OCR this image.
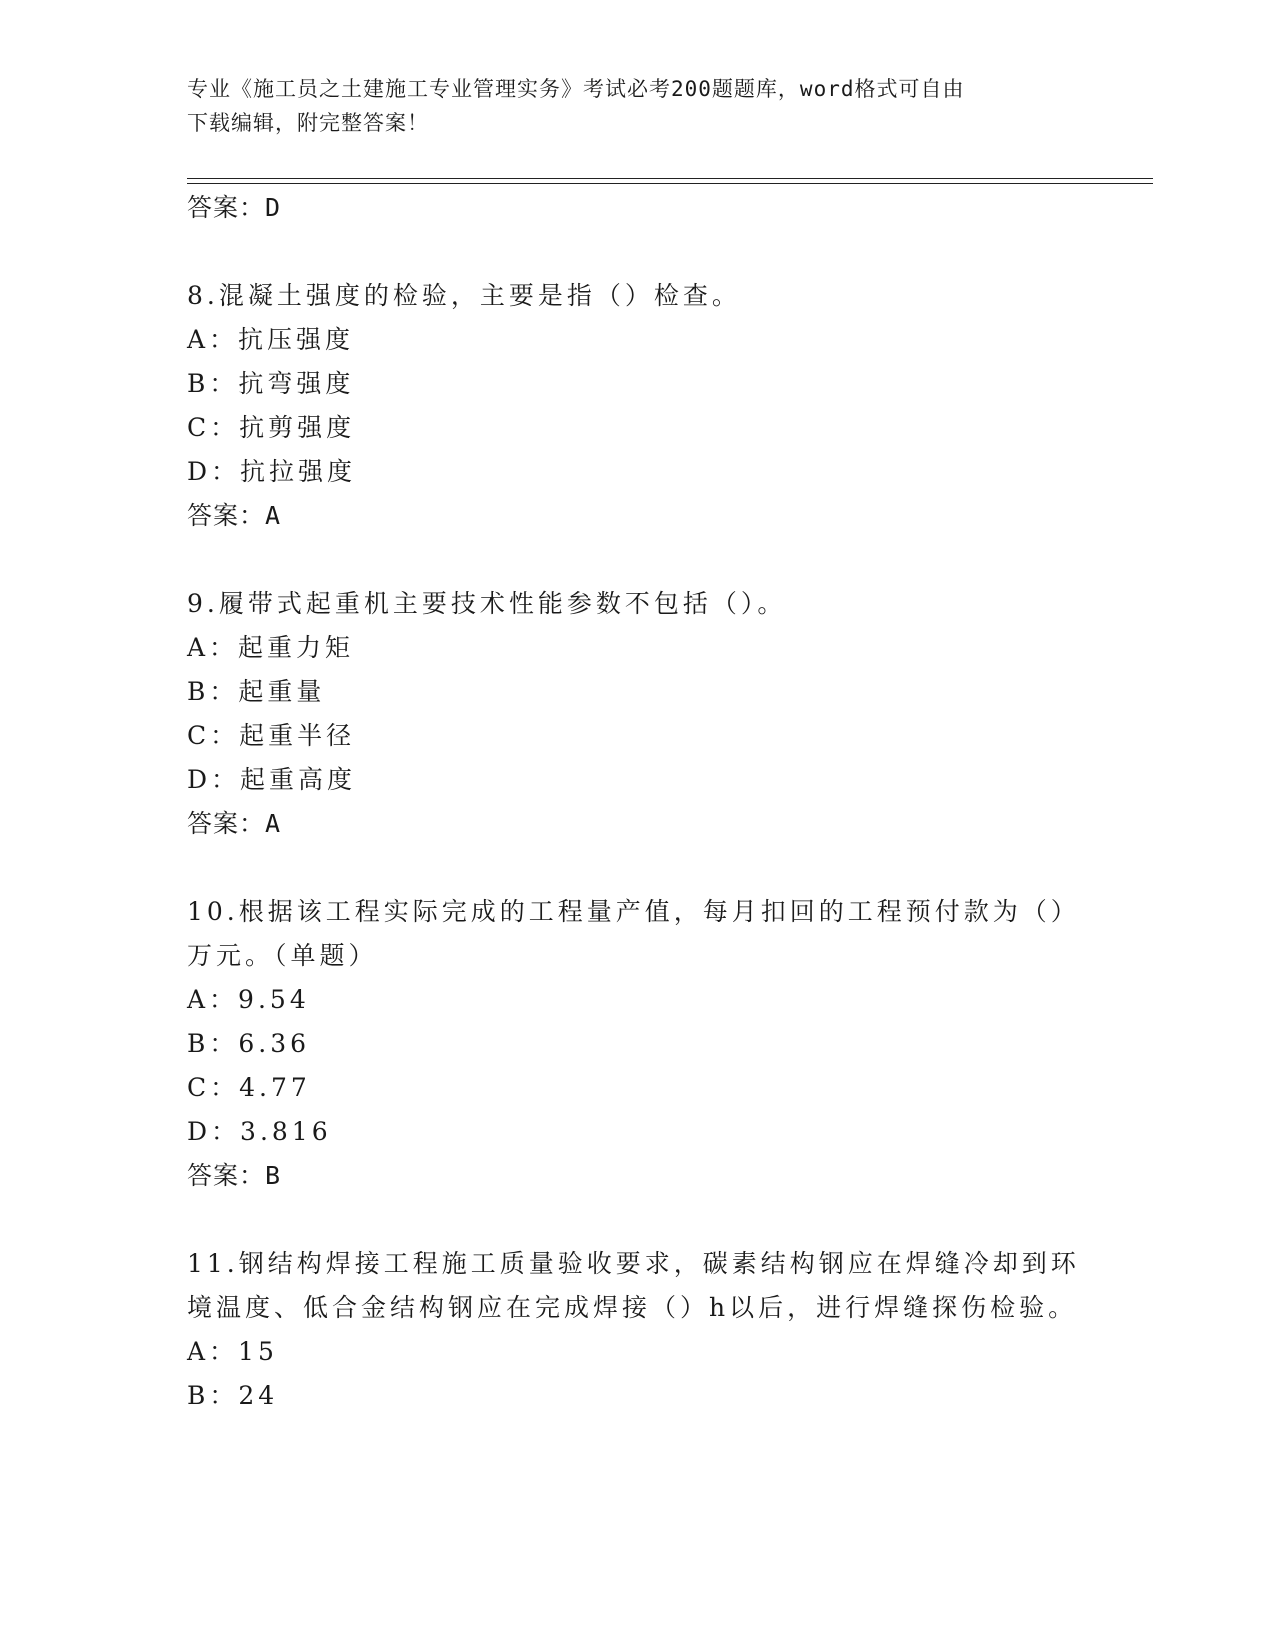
专业《施工员之土建施工专业管理实务》考试必考200题题库，word格式可自由
下载编辑，附完整答案！
答案：D
8.混凝土强度的检验，主要是指（）检查。
A：抗压强度
B：抗弯强度
C：抗剪强度
D：抗拉强度
答案：A
9.履带式起重机主要技术性能参数不包括（）。
A：起重力矩
B：起重量
C：起重半径
D：起重高度
答案：A
10.根据该工程实际完成的工程量产值，每月扣回的工程预付款为（）
万元。（单题）
A：9.54
B：6.36
C：4.77
D：3.816
答案：B
11.钢结构焊接工程施工质量验收要求，碳素结构钢应在焊缝冷却到环
境温度、低合金结构钢应在完成焊接（）h以后，进行焊缝探伤检验。
A：15
B：24
